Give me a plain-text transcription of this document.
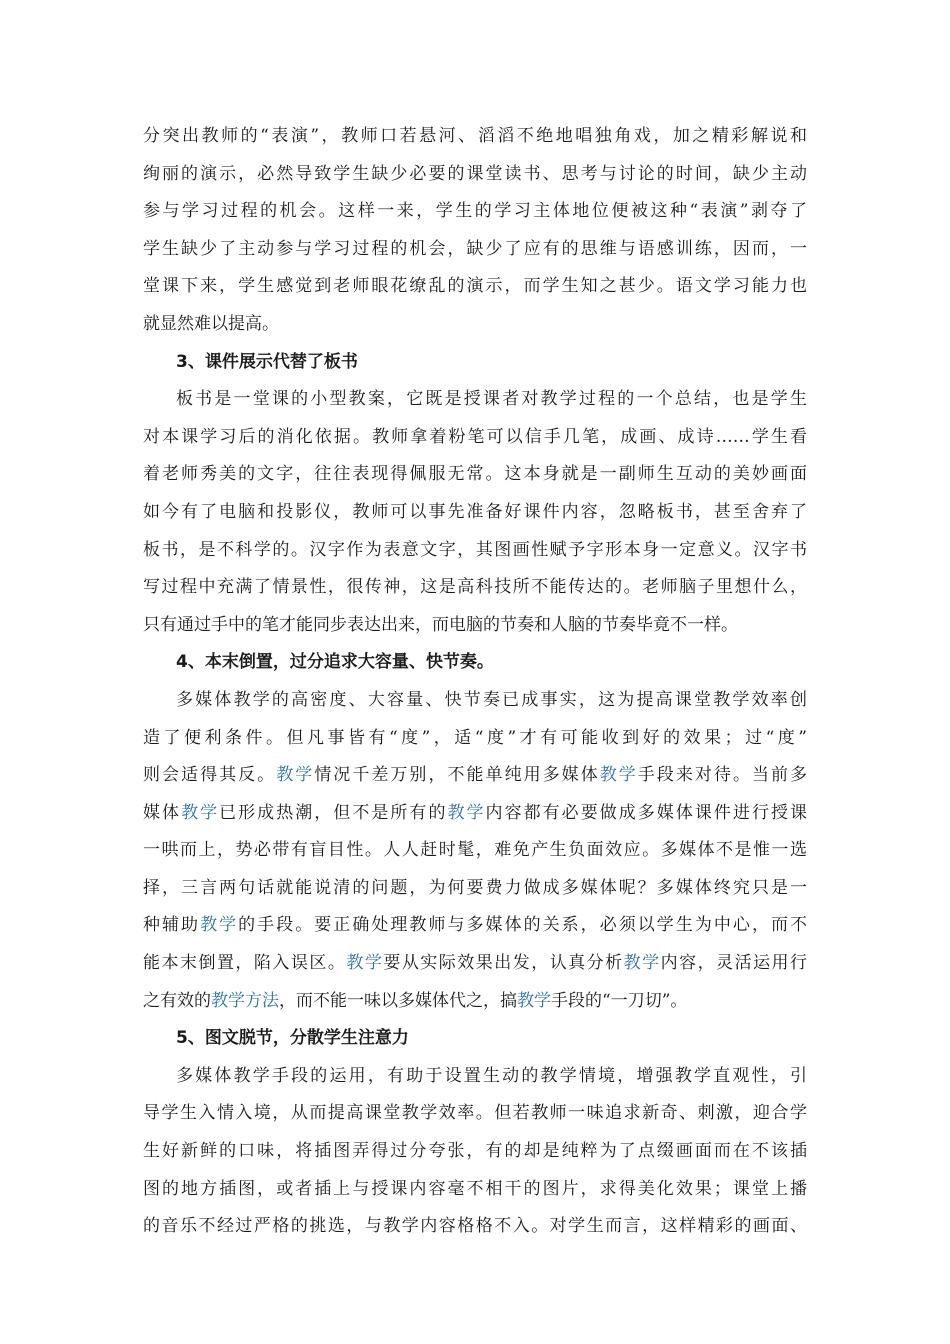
分突出教师的“表演”，教师口若悬河、滔滔不绝地唱独角戏，加之精彩解说和
绚丽的演示，必然导致学生缺少必要的课堂读书、思考与讨论的时间，缺少主动
参与学习过程的机会。这样一来，学生的学习主体地位便被这种“表演”剥夺了
学生缺少了主动参与学习过程的机会，缺少了应有的思维与语感训练，因而，一
堂课下来，学生感觉到老师眼花缭乱的演示，而学生知之甚少。语文学习能力也
就显然难以提高。
3、课件展示代替了板书
板书是一堂课的小型教案，它既是授课者对教学过程的一个总结，也是学生
对本课学习后的消化依据。教师拿着粉笔可以信手几笔，成画、成诗……学生看
着老师秀美的文字，往往表现得佩服无常。这本身就是一副师生互动的美妙画面
如今有了电脑和投影仪，教师可以事先准备好课件内容，忽略板书，甚至舍弃了
板书，是不科学的。汉字作为表意文字，其图画性赋予字形本身一定意义。汉字书
写过程中充满了情景性，很传神，这是高科技所不能传达的。老师脑子里想什么，
只有通过手中的笔才能同步表达出来，而电脑的节奏和人脑的节奏毕竟不一样。
4、本末倒置，过分追求大容量、快节奏。
多媒体教学的高密度、大容量、快节奏已成事实，这为提高课堂教学效率创
造了便利条件。但凡事皆有“度”，适“度”才有可能收到好的效果；过“度”
则会适得其反。教学情况千差万别，不能单纯用多媒体教学手段来对待。当前多
媒体教学已形成热潮，但不是所有的教学内容都有必要做成多媒体课件进行授课
一哄而上，势必带有盲目性。人人赶时髦，难免产生负面效应。多媒体不是惟一选
择，三言两句话就能说清的问题，为何要费力做成多媒体呢？多媒体终究只是一
种辅助教学的手段。要正确处理教师与多媒体的关系，必须以学生为中心，而不
能本末倒置，陷入误区。教学要从实际效果出发，认真分析教学内容，灵活运用行
之有效的教学方法，而不能一味以多媒体代之，搞教学手段的“一刀切”。
5、图文脱节，分散学生注意力
多媒体教学手段的运用，有助于设置生动的教学情境，增强教学直观性，引
导学生入情入境，从而提高课堂教学效率。但若教师一味追求新奇、刺激，迎合学
生好新鲜的口味，将插图弄得过分夸张，有的却是纯粹为了点缀画面而在不该插
图的地方插图，或者插上与授课内容毫不相干的图片，求得美化效果；课堂上播
的音乐不经过严格的挑选，与教学内容格格不入。对学生而言，这样精彩的画面、
